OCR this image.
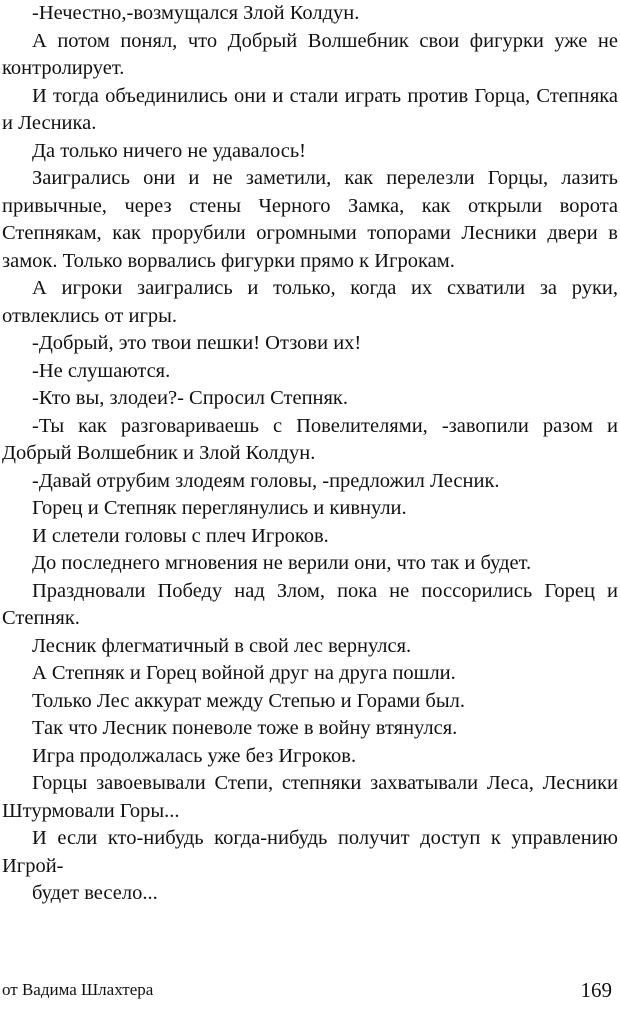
-Нечестно,-возмущался Злой Колдун.

А потом понял, что Добрый Волшебник свои фигурки уже не контролирует.

И тогда объединились они и стали играть против Горца, Степняка и Лесника.

Да только ничего не удавалось!

Заигрались они и не заметили, как перелезли Горцы, лазить привычные, через стены Черного Замка, как открыли ворота Степнякам, как прорубили огромными топорами Лесники двери в замок. Только ворвались фигурки прямо к Игрокам.

А игроки заигрались и только, когда их схватили за руки, отвлеклись от игры.

-Добрый, это твои пешки! Отзови их!

-Не слушаются.

-Кто вы, злодеи?- Спросил Степняк.

-Ты как разговариваешь с Повелителями, -завопили разом и Добрый Волшебник и Злой Колдун.

-Давай отрубим злодеям головы, -предложил Лесник.

Горец и Степняк переглянулись и кивнули.

И слетели головы с плеч Игроков.

До последнего мгновения не верили они, что так и будет.

Праздновали Победу над Злом, пока не поссорились Горец и Степняк.

Лесник флегматичный в свой лес вернулся.

А Степняк и Горец войной друг на друга пошли.

Только Лес аккурат между Степью и Горами был.

Так что Лесник поневоле тоже в войну втянулся.

Игра продолжалась уже без Игроков.

Горцы завоевывали Степи, степняки захватывали Леса, Лесники Штурмовали Горы...

И если кто-нибудь когда-нибудь получит доступ к управлению Игрой-

будет весело...

от Вадима Шлахтера	169
